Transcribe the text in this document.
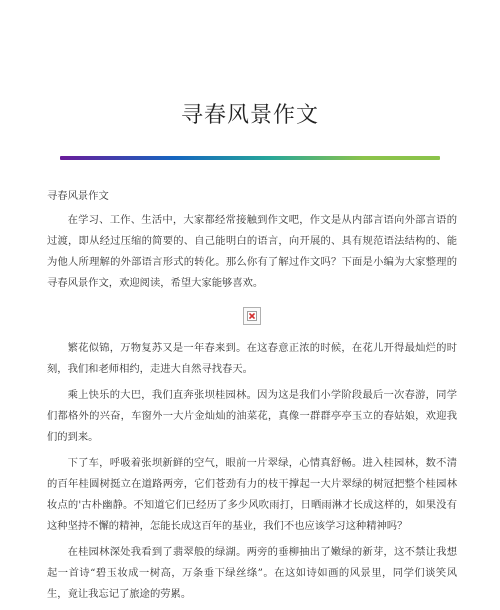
寻春风景作文
寻春风景作文

在学习、工作、生活中，大家都经常接触到作文吧，作文是从内部言语向外部言语的过渡，即从经过压缩的简要的、自己能明白的语言，向开展的、具有规范语法结构的、能为他人所理解的外部语言形式的转化。那么你有了解过作文吗？下面是小编为大家整理的寻春风景作文，欢迎阅读，希望大家能够喜欢。

繁花似锦，万物复苏又是一年春来到。在这春意正浓的时候，在花儿开得最灿烂的时刻，我们和老师相约，走进大自然寻找春天。

乘上快乐的大巴，我们直奔张坝桂园林。因为这是我们小学阶段最后一次春游，同学们都格外的兴奋，车窗外一大片金灿灿的油菜花，真像一群群亭亭玉立的春姑娘，欢迎我们的到来。

下了车，呼吸着张坝新鲜的空气，眼前一片翠绿，心情真舒畅。进入桂园林，数不清的百年桂圆树挺立在道路两旁，它们苍劲有力的枝干撑起一大片翠绿的树冠把整个桂园林妆点的'古朴幽静。不知道它们已经历了多少风吹雨打，日晒雨淋才长成这样的，如果没有这种坚持不懈的精神，怎能长成这百年的基业，我们不也应该学习这种精神吗？

在桂园林深处我看到了翡翠般的绿湖。两旁的垂柳抽出了嫩绿的新芽，这不禁让我想起一首诗“碧玉妆成一树高，万条垂下绿丝绦”。在这如诗如画的风景里，同学们谈笑风生，竟让我忘记了旅途的劳累。
